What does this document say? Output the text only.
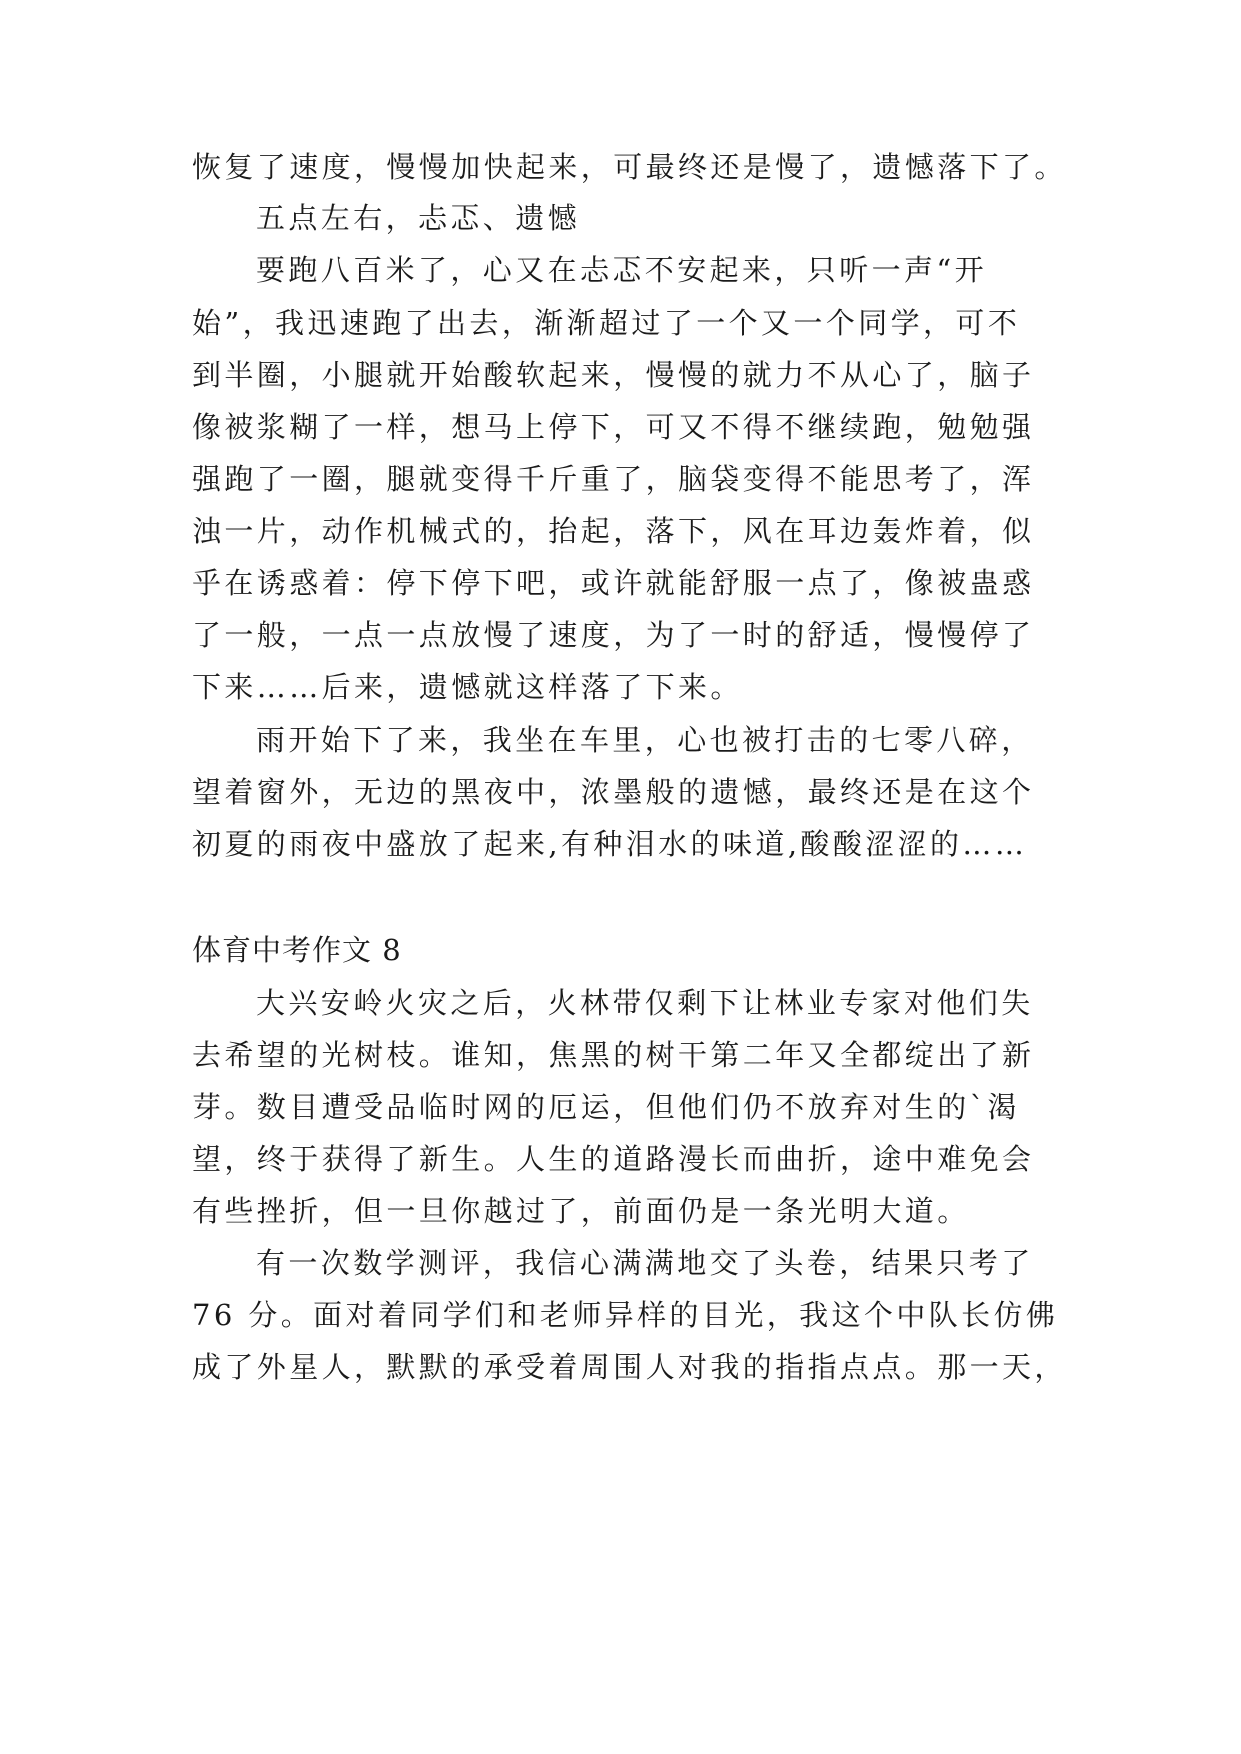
恢复了速度，慢慢加快起来，可最终还是慢了，遗憾落下了。
五点左右，忐忑、遗憾
要跑八百米了，心又在忐忑不安起来，只听一声“开
始”，我迅速跑了出去，渐渐超过了一个又一个同学，可不
到半圈，小腿就开始酸软起来，慢慢的就力不从心了，脑子
像被浆糊了一样，想马上停下，可又不得不继续跑，勉勉强
强跑了一圈，腿就变得千斤重了，脑袋变得不能思考了，浑
浊一片，动作机械式的，抬起，落下，风在耳边轰炸着，似
乎在诱惑着：停下停下吧，或许就能舒服一点了，像被蛊惑
了一般，一点一点放慢了速度，为了一时的舒适，慢慢停了
下来……后来，遗憾就这样落了下来。
雨开始下了来，我坐在车里，心也被打击的七零八碎，
望着窗外，无边的黑夜中，浓墨般的遗憾，最终还是在这个
初夏的雨夜中盛放了起来,有种泪水的味道,酸酸涩涩的……
体育中考作文 8
大兴安岭火灾之后，火林带仅剩下让林业专家对他们失
去希望的光树枝。谁知，焦黑的树干第二年又全都绽出了新
芽。数目遭受品临时网的厄运，但他们仍不放弃对生的`渴
望，终于获得了新生。人生的道路漫长而曲折，途中难免会
有些挫折，但一旦你越过了，前面仍是一条光明大道。
有一次数学测评，我信心满满地交了头卷，结果只考了
76 分。面对着同学们和老师异样的目光，我这个中队长仿佛
成了外星人，默默的承受着周围人对我的指指点点。那一天，
